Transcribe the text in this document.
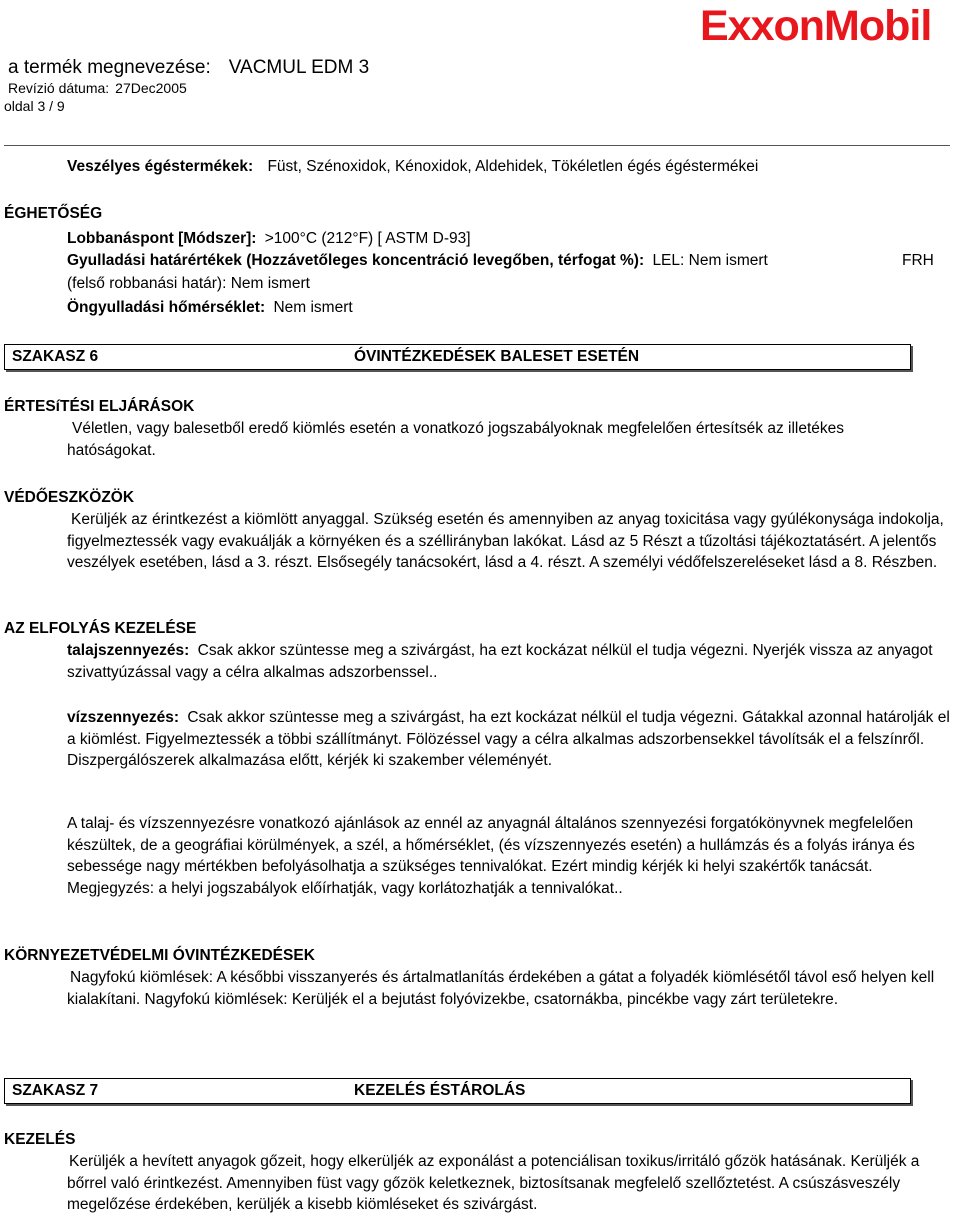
ExxonMobil
a termék megnevezése: VACMUL EDM 3
Revízió dátuma: 27Dec2005
oldal 3 / 9
Veszélyes égéstermékek: Füst, Szénoxidok, Kénoxidok, Aldehidek, Tökéletlen égés égéstermékei
ÉGHETŐSÉG
Lobbanáspont [Módszer]: >100°C (212°F) [ ASTM D-93]
Gyulladási határértékek (Hozzávetőleges koncentráció levegőben, térfogat %): LEL: Nem ismert	FRH
(felső robbanási határ): Nem ismert
Öngyulladási hőmérséklet: Nem ismert
SZAKASZ 6	ÓVINTÉZKEDÉSEK BALESET ESETÉN
ÉRTESíTÉSI ELJÁRÁSOK
Véletlen, vagy balesetből eredő kiömlés esetén a vonatkozó jogszabályoknak megfelelően értesítsék az illetékes hatóságokat.
VÉDŐESZKÖZÖK
Kerüljék az érintkezést a kiömlött anyaggal. Szükség esetén és amennyiben az anyag toxicitása vagy gyúlékonysága indokolja, figyelmeztessék vagy evakuálják a környéken és a széllirányban lakókat. Lásd az 5 Részt a tűzoltási tájékoztatásért. A jelentős veszélyek esetében, lásd a 3. részt. Elsősegély tanácsokért, lásd a 4. részt. A személyi védőfelszereléseket lásd a 8. Részben.
AZ ELFOLYÁS KEZELÉSE
talajszennyezés: Csak akkor szüntesse meg a szivárgást, ha ezt kockázat nélkül el tudja végezni. Nyerjék vissza az anyagot szivattyúzással vagy a célra alkalmas adszorbenssel..
vízszennyezés: Csak akkor szüntesse meg a szivárgást, ha ezt kockázat nélkül el tudja végezni. Gátakkal azonnal határolják el a kiömlést. Figyelmeztessék a többi szállítmányt. Fölözéssel vagy a célra alkalmas adszorbensekkel távolítsák el a felszínről. Diszpergálószerek alkalmazása előtt, kérjék ki szakember véleményét.
A talaj- és vízszennyezésre vonatkozó ajánlások az ennél az anyagnál általános szennyezési forgatókönyvnek megfelelően készültek, de a geográfiai körülmények, a szél, a hőmérséklet, (és vízszennyezés esetén) a hullámzás és a folyás iránya és sebessége nagy mértékben befolyásolhatja a szükséges tennivalókat. Ezért mindig kérjék ki helyi szakértők tanácsát. Megjegyzés: a helyi jogszabályok előírhatják, vagy korlátozhatják a tennivalókat..
KÖRNYEZETVÉDELMI ÓVINTÉZKEDÉSEK
Nagyfokú kiömlések: A későbbi visszanyerés és ártalmatlanítás érdekében a gátat a folyadék kiömlésétől távol eső helyen kell kialakítani. Nagyfokú kiömlések: Kerüljék el a bejutást folyóvizekbe, csatornákba, pincékbe vagy zárt területekre.
SZAKASZ 7	KEZELÉS ÉSTÁROLÁS
KEZELÉS
Kerüljék a hevített anyagok gőzeit, hogy elkerüljék az exponálást a potenciálisan toxikus/irritáló gőzök hatásának. Kerüljék a bőrrel való érintkezést. Amennyiben füst vagy gőzök keletkeznek, biztosítsanak megfelelő szellőztetést. A csúszásveszély megelőzése érdekében, kerüljék a kisebb kiömléseket és szivárgást.
